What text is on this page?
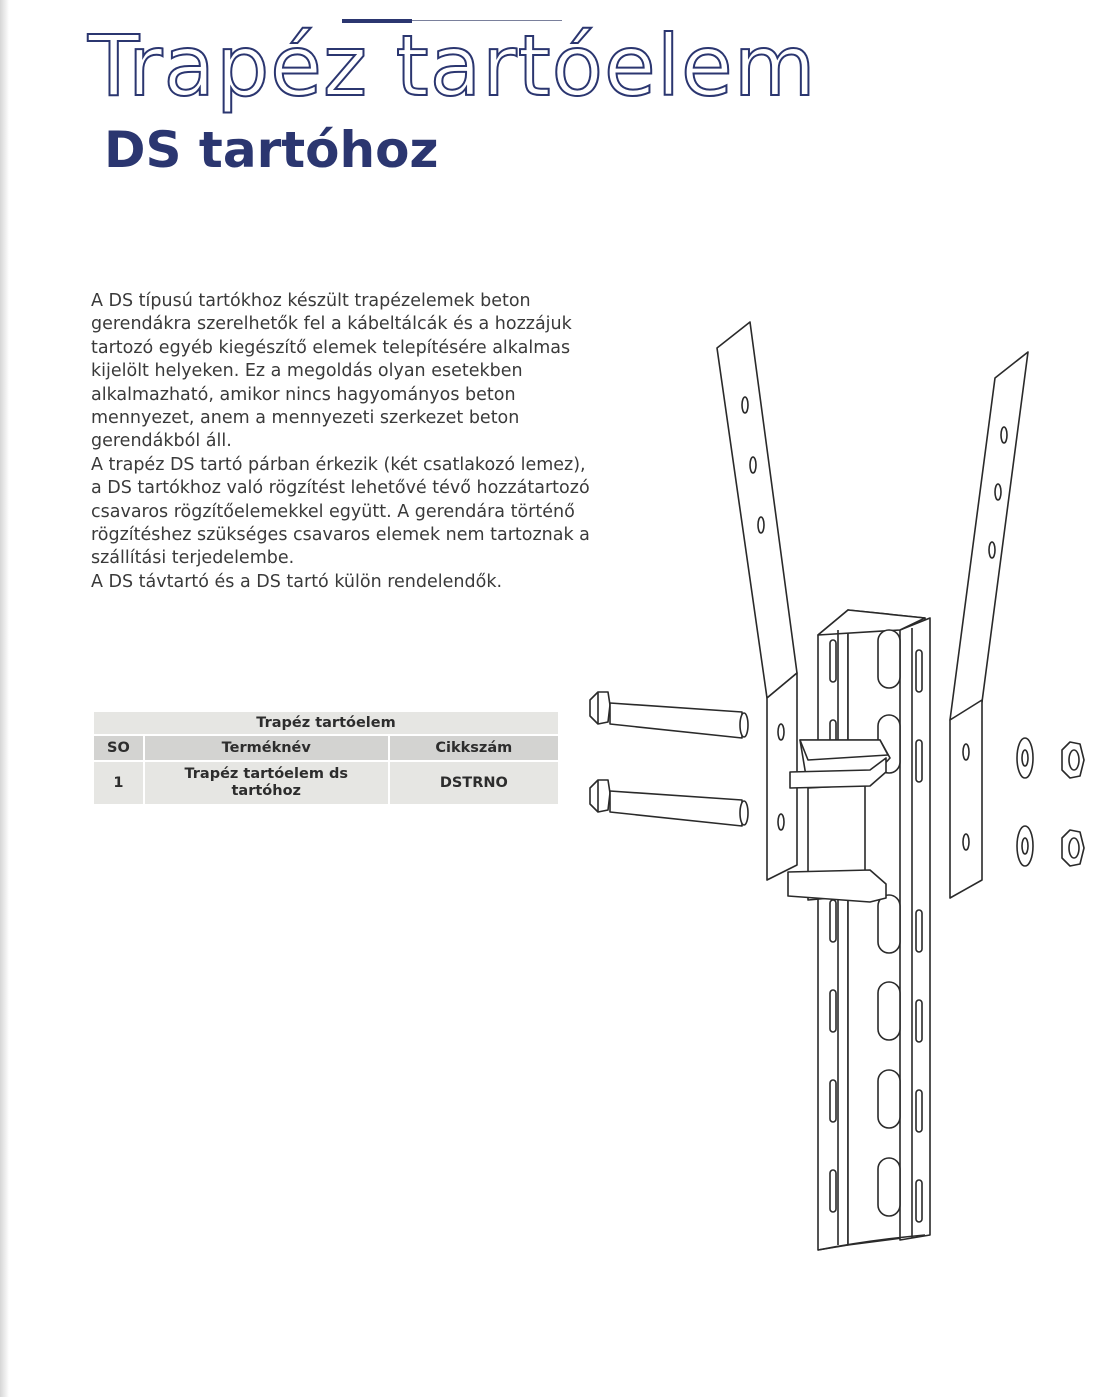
Trapéz tartóelem
DS tartóhoz

A DS típusú tartókhoz készült trapézelemek beton gerendákra szerelhetők fel a kábeltálcák és a hozzájuk tartozó egyéb kiegészítő elemek telepítésére alkalmas kijelölt helyeken. Ez a megoldás olyan esetekben alkalmazható, amikor nincs hagyományos beton mennyezet, anem a mennyezeti szerkezet beton gerendákból áll.

A trapéz DS tartó párban érkezik (két csatlakozó lemez), a DS tartókhoz való rögzítést lehetővé tévő hozzátartozó csavaros rögzítőelemekkel együtt. A gerendára történő rögzítéshez szükséges csavaros elemek nem tartoznak a szállítási terjedelembe.

A DS távtartó és a DS tartó külön rendelendők.

Trapéz tartóelem		
SO	Terméknév	Cikkszám
1	Trapéz tartóelem ds tartóhoz	DSTRNO
